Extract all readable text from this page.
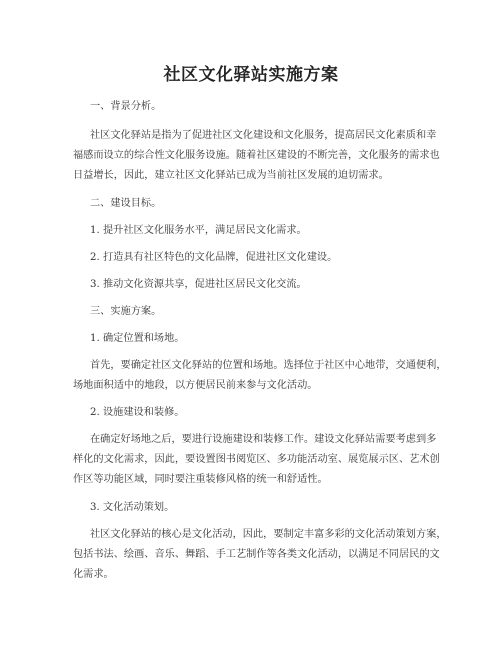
社区文化驿站实施方案

一、背景分析。

社区文化驿站是指为了促进社区文化建设和文化服务，提高居民文化素质和幸
福感而设立的综合性文化服务设施。随着社区建设的不断完善，文化服务的需求也
日益增长，因此，建立社区文化驿站已成为当前社区发展的迫切需求。

二、建设目标。

1. 提升社区文化服务水平，满足居民文化需求。

2. 打造具有社区特色的文化品牌，促进社区文化建设。

3. 推动文化资源共享，促进社区居民文化交流。

三、实施方案。

1. 确定位置和场地。

首先，要确定社区文化驿站的位置和场地。选择位于社区中心地带，交通便利，
场地面积适中的地段，以方便居民前来参与文化活动。

2. 设施建设和装修。

在确定好场地之后，要进行设施建设和装修工作。建设文化驿站需要考虑到多
样化的文化需求，因此，要设置图书阅览区、多功能活动室、展览展示区、艺术创
作区等功能区域，同时要注重装修风格的统一和舒适性。

3. 文化活动策划。

社区文化驿站的核心是文化活动，因此，要制定丰富多彩的文化活动策划方案，
包括书法、绘画、音乐、舞蹈、手工艺制作等各类文化活动，以满足不同居民的文
化需求。
